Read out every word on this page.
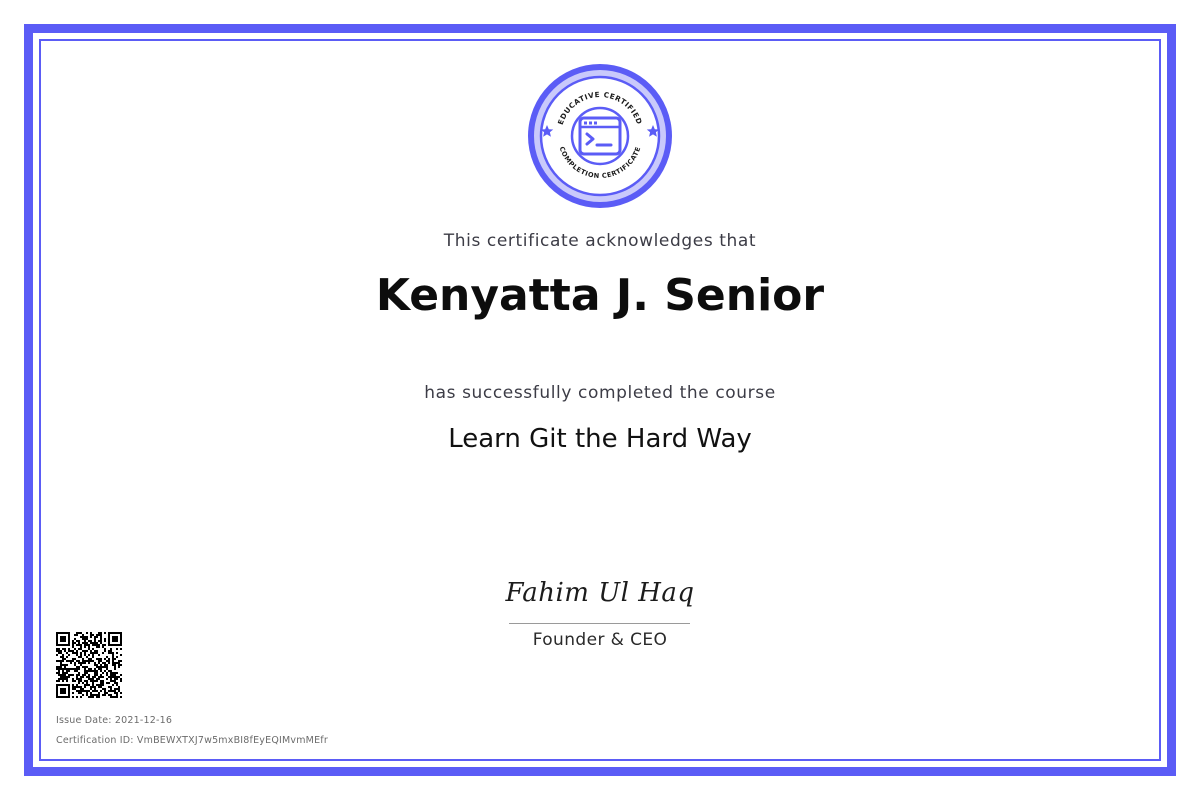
EDUCATIVE CERTIFIED
COMPLETION CERTIFICATE
This certificate acknowledges that
Kenyatta J. Senior
has successfully completed the course
Learn Git the Hard Way
Fahim Ul Haq
Founder & CEO
Issue Date: 2021-12-16
Certification ID: VmBEWXTXJ7w5mxBI8fEyEQIMvmMEfr
